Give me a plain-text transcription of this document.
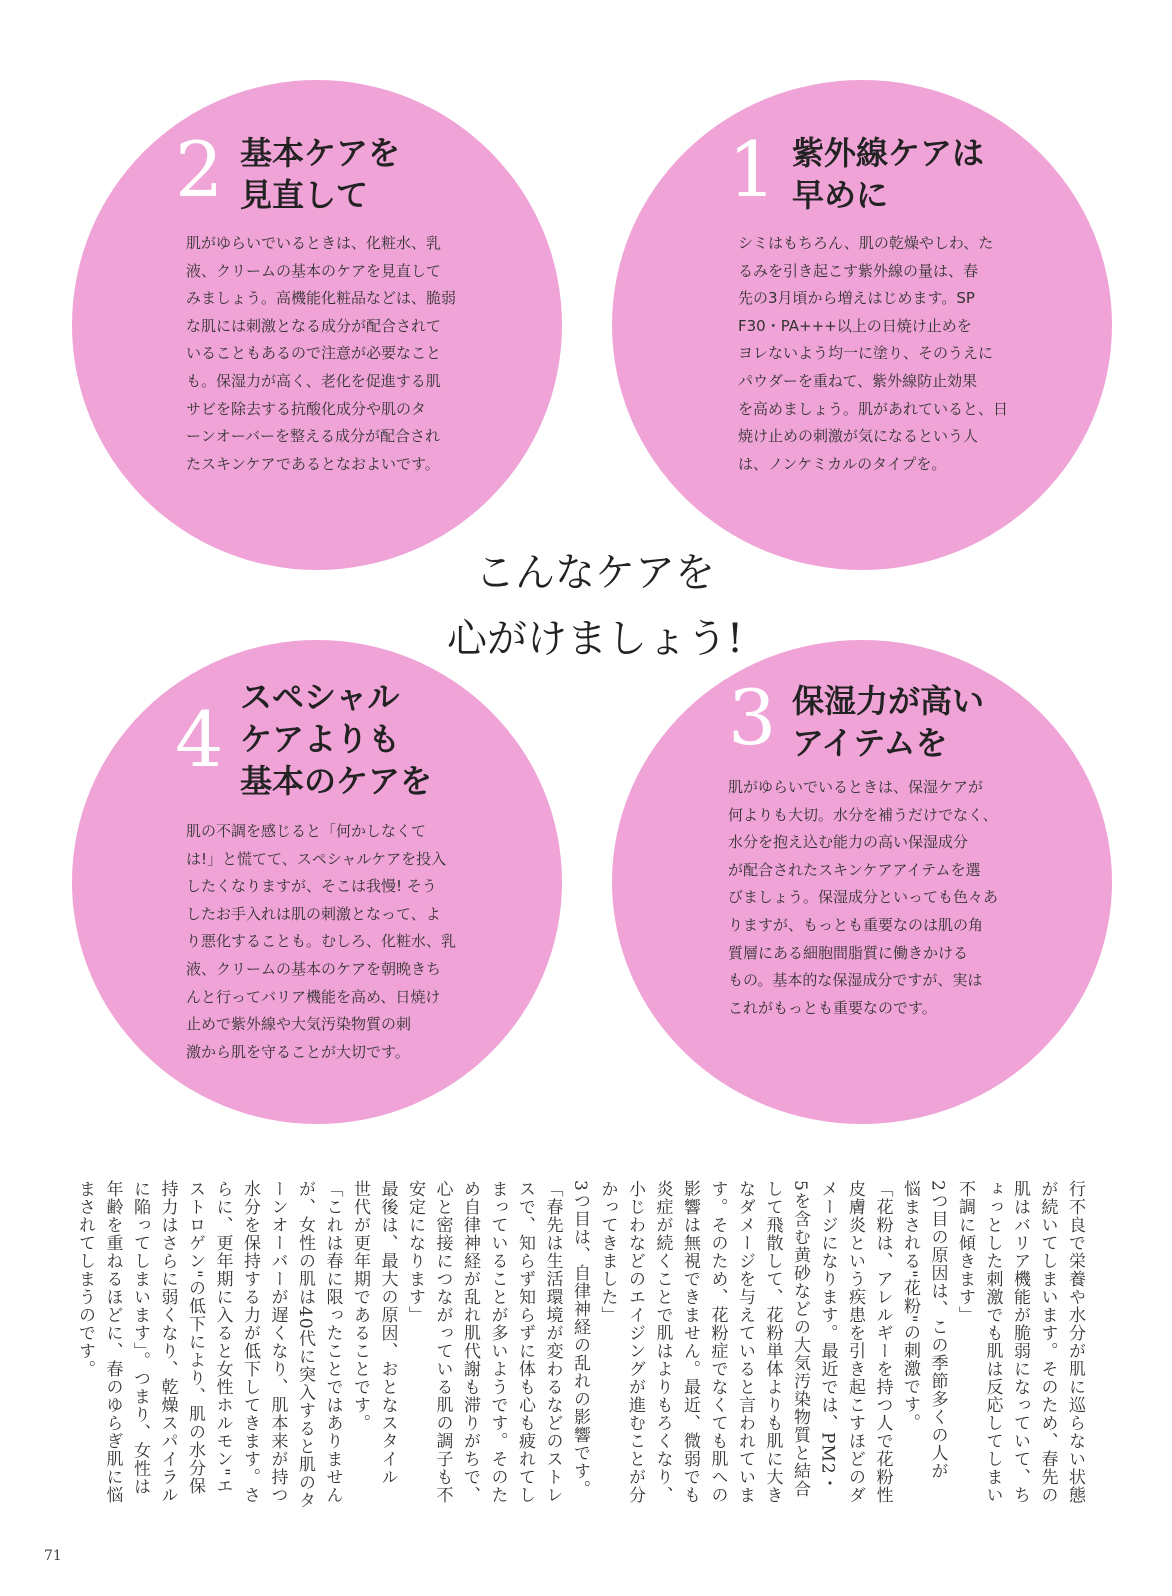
2 基本ケアを
見直して
肌がゆらいでいるときは、化粧水、乳
液、クリームの基本のケアを見直して
みましょう。高機能化粧品などは、脆弱
な肌には刺激となる成分が配合されて
いることもあるので注意が必要なこと
も。保湿力が高く、老化を促進する肌
サビを除去する抗酸化成分や肌のタ
ーンオーバーを整える成分が配合され
たスキンケアであるとなおよいです。
1 紫外線ケアは
早めに
シミはもちろん、肌の乾燥やしわ、た
るみを引き起こす紫外線の量は、春
先の3月頃から増えはじめます。SP
F30・PA+++以上の日焼け止めを
ヨレないよう均一に塗り、そのうえに
パウダーを重ねて、紫外線防止効果
を高めましょう。肌があれていると、日
焼け止めの刺激が気になるという人
は、ノンケミカルのタイプを。
こんなケアを
心がけましょう!
4 スペシャル
ケアよりも
基本のケアを
肌の不調を感じると「何かしなくて
は!」と慌てて、スペシャルケアを投入
したくなりますが、そこは我慢! そう
したお手入れは肌の刺激となって、よ
り悪化することも。むしろ、化粧水、乳
液、クリームの基本のケアを朝晩きち
んと行ってバリア機能を高め、日焼け
止めで紫外線や大気汚染物質の刺
激から肌を守ることが大切です。
3 保湿力が高い
アイテムを
肌がゆらいでいるときは、保湿ケアが
何よりも大切。水分を補うだけでなく、
水分を抱え込む能力の高い保湿成分
が配合されたスキンケアアイテムを選
びましょう。保湿成分といっても色々あ
りますが、もっとも重要なのは肌の角
質層にある細胞間脂質に働きかける
もの。基本的な保湿成分ですが、実は
これがもっとも重要なのです。
行不良で栄養や水分が肌に巡らない状態
が続いてしまいます。そのため、春先の
肌はバリア機能が脆弱になっていて、ち
ょっとした刺激でも肌は反応してしまい
不調に傾きます」
2つ目の原因は、この季節多くの人が
悩まされる"花粉"の刺激です。
「花粉は、アレルギーを持つ人で花粉性
皮膚炎という疾患を引き起こすほどのダ
メージになります。最近では、PM2・
5を含む黄砂などの大気汚染物質と結合
して飛散して、花粉単体よりも肌に大き
なダメージを与えていると言われていま
す。そのため、花粉症でなくても肌への
影響は無視できません。最近、微弱でも
炎症が続くことで肌はよりもろくなり、
小じわなどのエイジングが進むことが分
かってきました」
3つ目は、自律神経の乱れの影響です。
「春先は生活環境が変わるなどのストレ
スで、知らず知らずに体も心も疲れてし
まっていることが多いようです。そのた
め自律神経が乱れ肌代謝も滞りがちで、
心と密接につながっている肌の調子も不
安定になります」
最後は、最大の原因、おとなスタイル
世代が更年期であることです。
「これは春に限ったことではありません
が、女性の肌は40代に突入すると肌のタ
ーンオーバーが遅くなり、肌本来が持つ
水分を保持する力が低下してきます。さ
らに、更年期に入ると女性ホルモン"エ
ストロゲン"の低下により、肌の水分保
持力はさらに弱くなり、乾燥スパイラル
に陥ってしまいます」。つまり、女性は
年齢を重ねるほどに、春のゆらぎ肌に悩
まされてしまうのです。
71
